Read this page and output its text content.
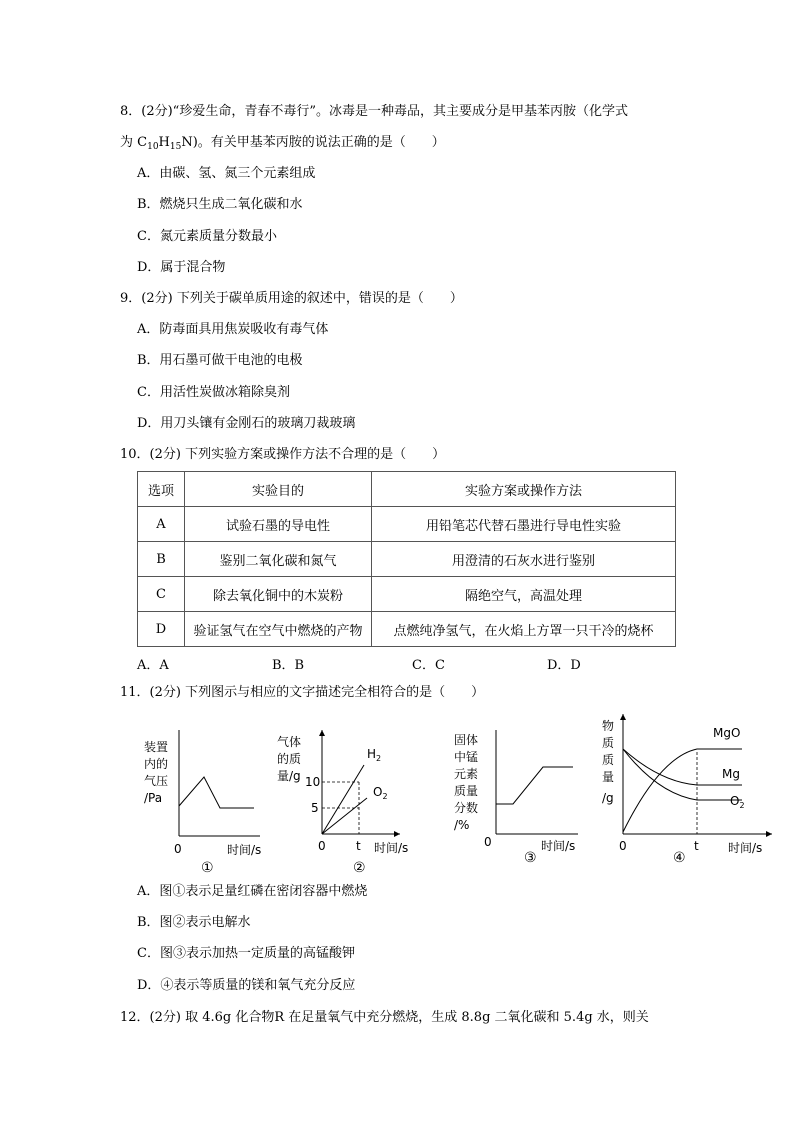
8．(2分)“珍爱生命，青春不毒行”。冰毒是一种毒品，其主要成分是甲基苯丙胺（化学式
为 $C_{10}H_{15}N$)。有关甲基苯丙胺的说法正确的是（　　）
A．由碳、氢、氮三个元素组成
B．燃烧只生成二氧化碳和水
C．氮元素质量分数最小
D．属于混合物
9．(2分) 下列关于碳单质用途的叙述中，错误的是（　　）
A．防毒面具用焦炭吸收有毒气体
B．用石墨可做干电池的电极
C．用活性炭做冰箱除臭剂
D．用刀头镶有金刚石的玻璃刀裁玻璃
10．(2分) 下列实验方案或操作方法不合理的是（　　）
选项	实验目的	实验方案或操作方法
A	试验石墨的导电性	用铅笔芯代替石墨进行导电性实验
B	鉴别二氧化碳和氮气	用澄清的石灰水进行鉴别
C	除去氧化铜中的木炭粉	隔绝空气，高温处理
D	验证氢气在空气中燃烧的产物	点燃纯净氢气，在火焰上方罩一只干冷的烧杯
A．A	B．B	C．C	D．D
11．(2分) 下列图示与相应的文字描述完全相符合的是（　　）
装置
内的
气压
/Pa
0	时间/s
①
气体
的质
量/g 10
5
$H_2$
$O_2$
0	t 时间/s
②
固体
中锰
元素
质量
分数
/%
0	时间/s
③
物
质
质
量
/g
MgO
Mg
$O_2$
0	t 时间/s
④
A．图①表示足量红磷在密闭容器中燃烧
B．图②表示电解水
C．图③表示加热一定质量的高锰酸钾
D．④表示等质量的镁和氧气充分反应
12．(2分) 取 4.6g 化合物R 在足量氧气中充分燃烧，生成 8.8g 二氧化碳和 5.4g 水，则关
